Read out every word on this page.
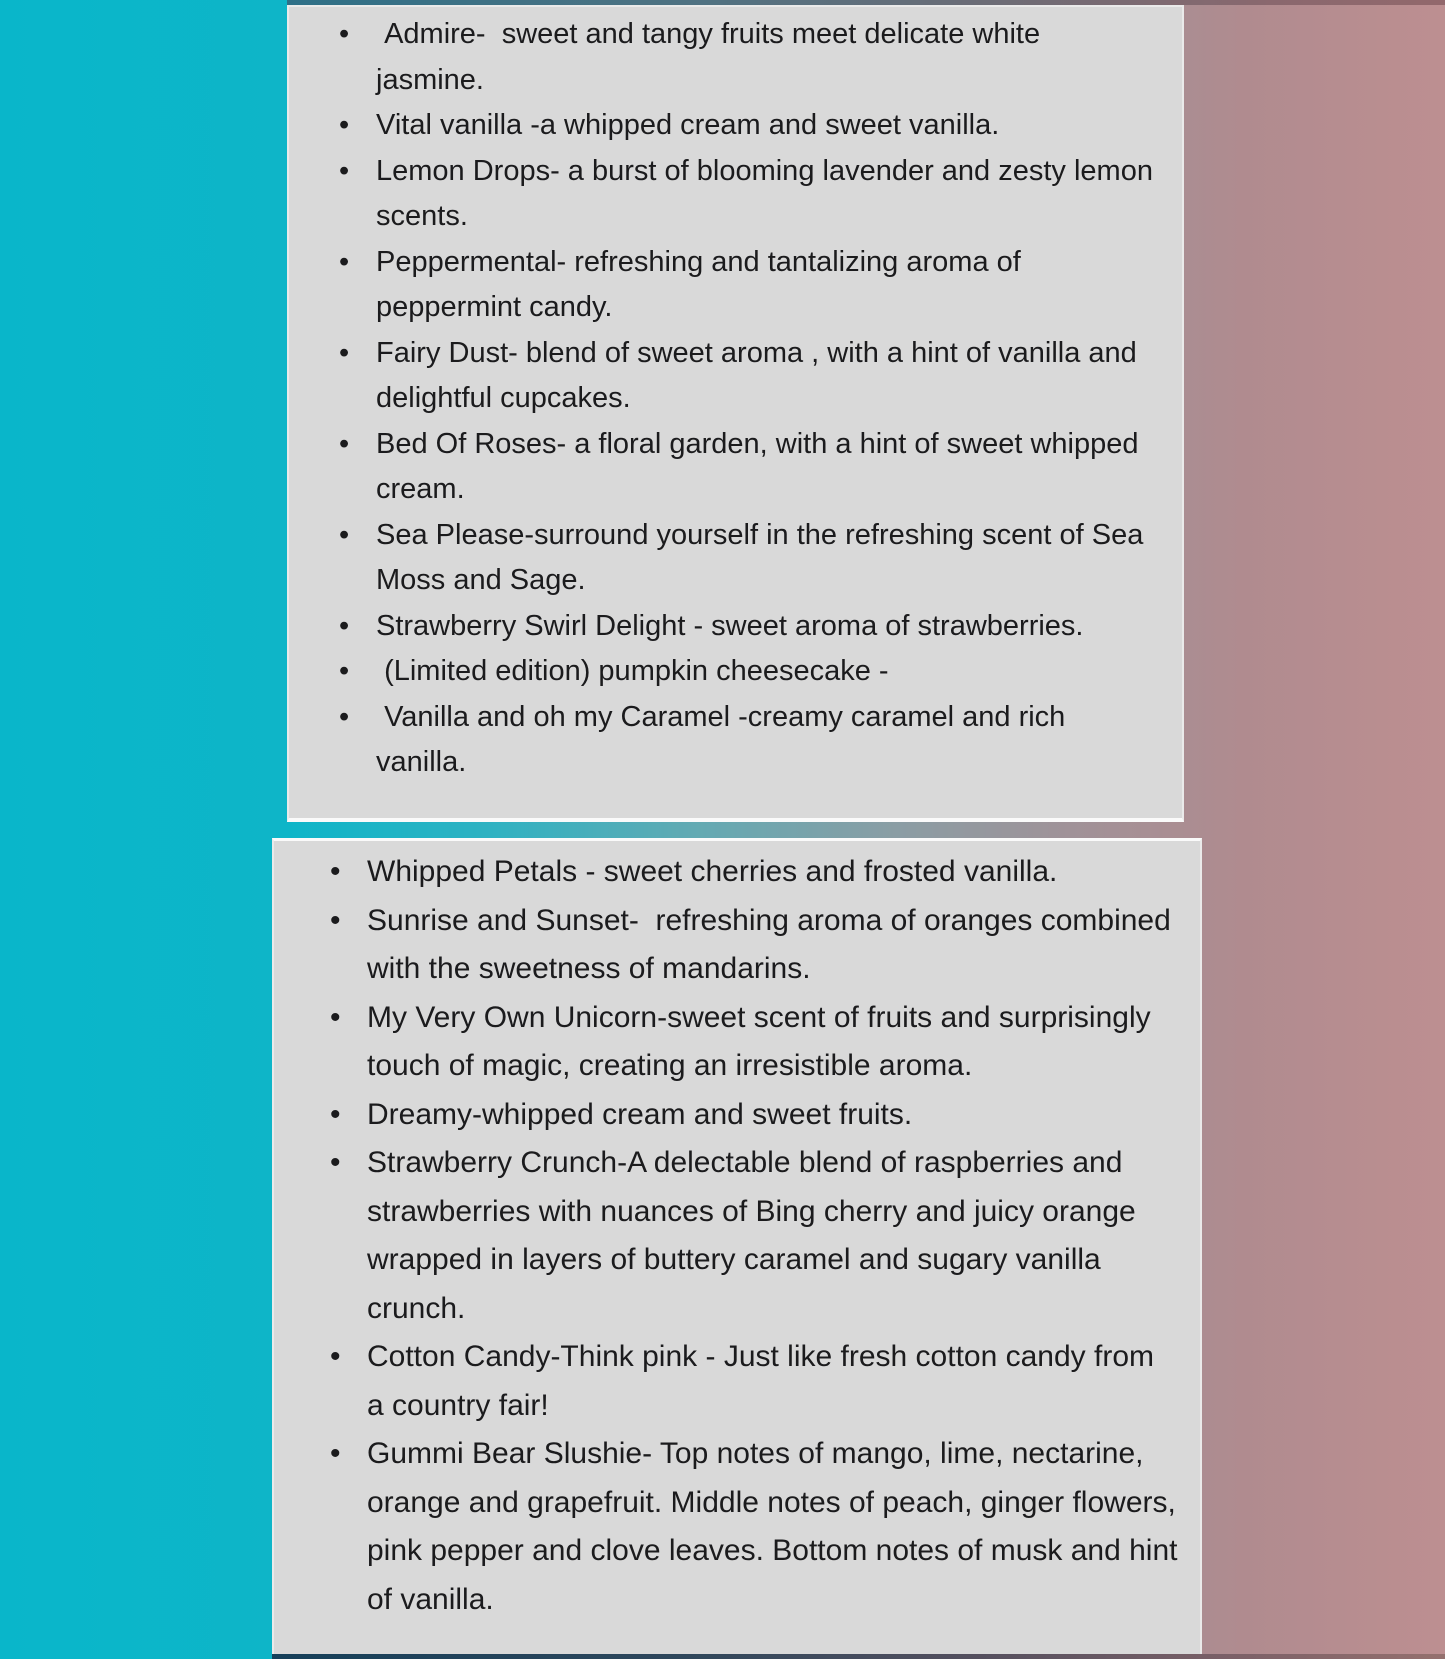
• Admire-  sweet and tangy fruits meet delicate white jasmine.
• Vital vanilla -a whipped cream and sweet vanilla.
• Lemon Drops- a burst of blooming lavender and zesty lemon scents.
• Peppermental- refreshing and tantalizing aroma of peppermint candy.
• Fairy Dust- blend of sweet aroma , with a hint of vanilla and delightful cupcakes.
• Bed Of Roses- a floral garden, with a hint of sweet whipped cream.
• Sea Please-surround yourself in the refreshing scent of Sea Moss and Sage.
• Strawberry Swirl Delight - sweet aroma of strawberries.
• (Limited edition) pumpkin cheesecake -
• Vanilla and oh my Caramel -creamy caramel and rich vanilla.
• Whipped Petals - sweet cherries and frosted vanilla.
• Sunrise and Sunset-  refreshing aroma of oranges combined with the sweetness of mandarins.
• My Very Own Unicorn-sweet scent of fruits and surprisingly touch of magic, creating an irresistible aroma.
• Dreamy-whipped cream and sweet fruits.
• Strawberry Crunch-A delectable blend of raspberries and strawberries with nuances of Bing cherry and juicy orange wrapped in layers of buttery caramel and sugary vanilla crunch.
• Cotton Candy-Think pink - Just like fresh cotton candy from a country fair!
• Gummi Bear Slushie- Top notes of mango, lime, nectarine, orange and grapefruit. Middle notes of peach, ginger flowers, pink pepper and clove leaves. Bottom notes of musk and hint of vanilla.
